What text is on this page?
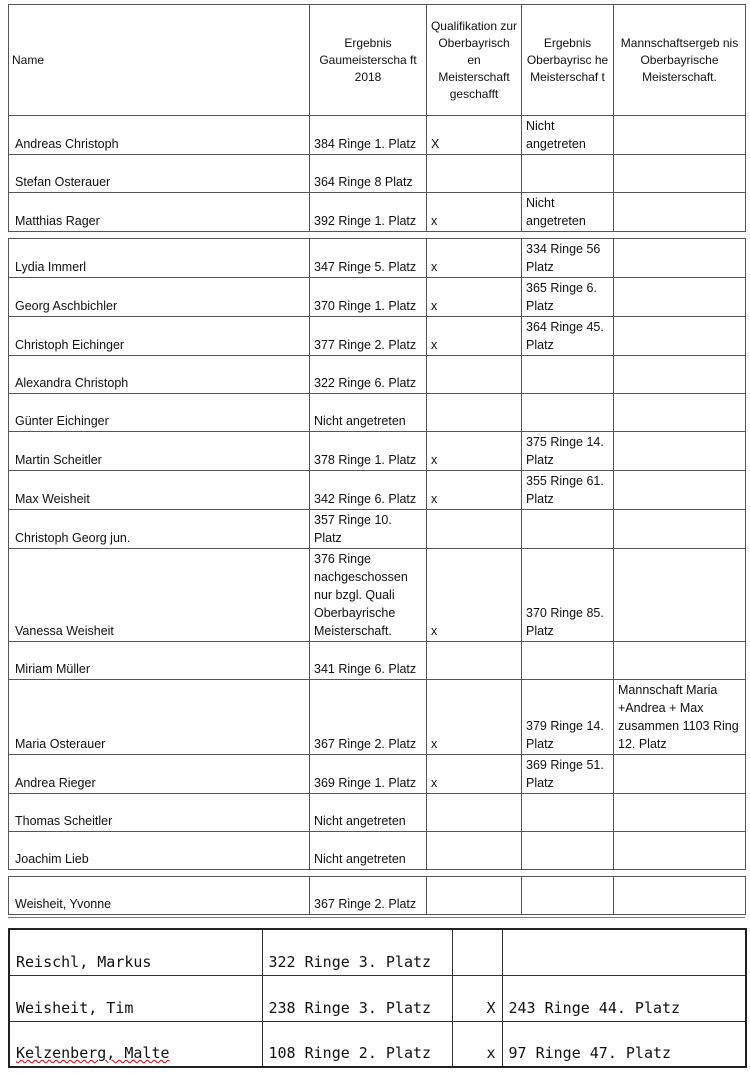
Name	Ergebnis Gaumeisterscha ft 2018	Qualifikation zur Oberbayrisch en Meisterschaft geschafft	Ergebnis Oberbayrisc he Meisterschaf t	Mannschaftsergeb nis Oberbayrische Meisterschaft.
Andreas Christoph	384 Ringe 1. Platz	X	Nicht angetreten	
Stefan Osterauer	364 Ringe 8 Platz			
Matthias Rager	392 Ringe 1. Platz	x	Nicht angetreten	

Lydia Immerl	347 Ringe 5. Platz	x	334 Ringe 56 Platz	
Georg Aschbichler	370 Ringe 1. Platz	x	365 Ringe 6. Platz	
Christoph Eichinger	377 Ringe 2. Platz	x	364 Ringe 45. Platz	
Alexandra Christoph	322 Ringe 6. Platz			
Günter Eichinger	Nicht angetreten			
Martin Scheitler	378 Ringe 1. Platz	x	375 Ringe 14. Platz	
Max Weisheit	342 Ringe 6. Platz	x	355 Ringe 61. Platz	
Christoph Georg jun.	357 Ringe 10. Platz			
Vanessa Weisheit	376 Ringe nachgeschossen nur bzgl. Quali Oberbayrische Meisterschaft.	x	370 Ringe 85. Platz	
Miriam Müller	341 Ringe 6. Platz			
Maria Osterauer	367 Ringe 2. Platz	x	379 Ringe 14. Platz	Mannschaft Maria +Andrea + Max zusammen 1103 Ring 12. Platz
Andrea Rieger	369 Ringe 1. Platz	x	369 Ringe 51. Platz	
Thomas Scheitler	Nicht angetreten			
Joachim Lieb	Nicht angetreten			

Weisheit, Yvonne	367 Ringe 2. Platz			
Reischl, Markus	322 Ringe 3. Platz		
Weisheit, Tim	238 Ringe 3. Platz	X	243 Ringe 44. Platz
Kelzenberg, Malte	108 Ringe 2. Platz	x	97 Ringe 47. Platz
